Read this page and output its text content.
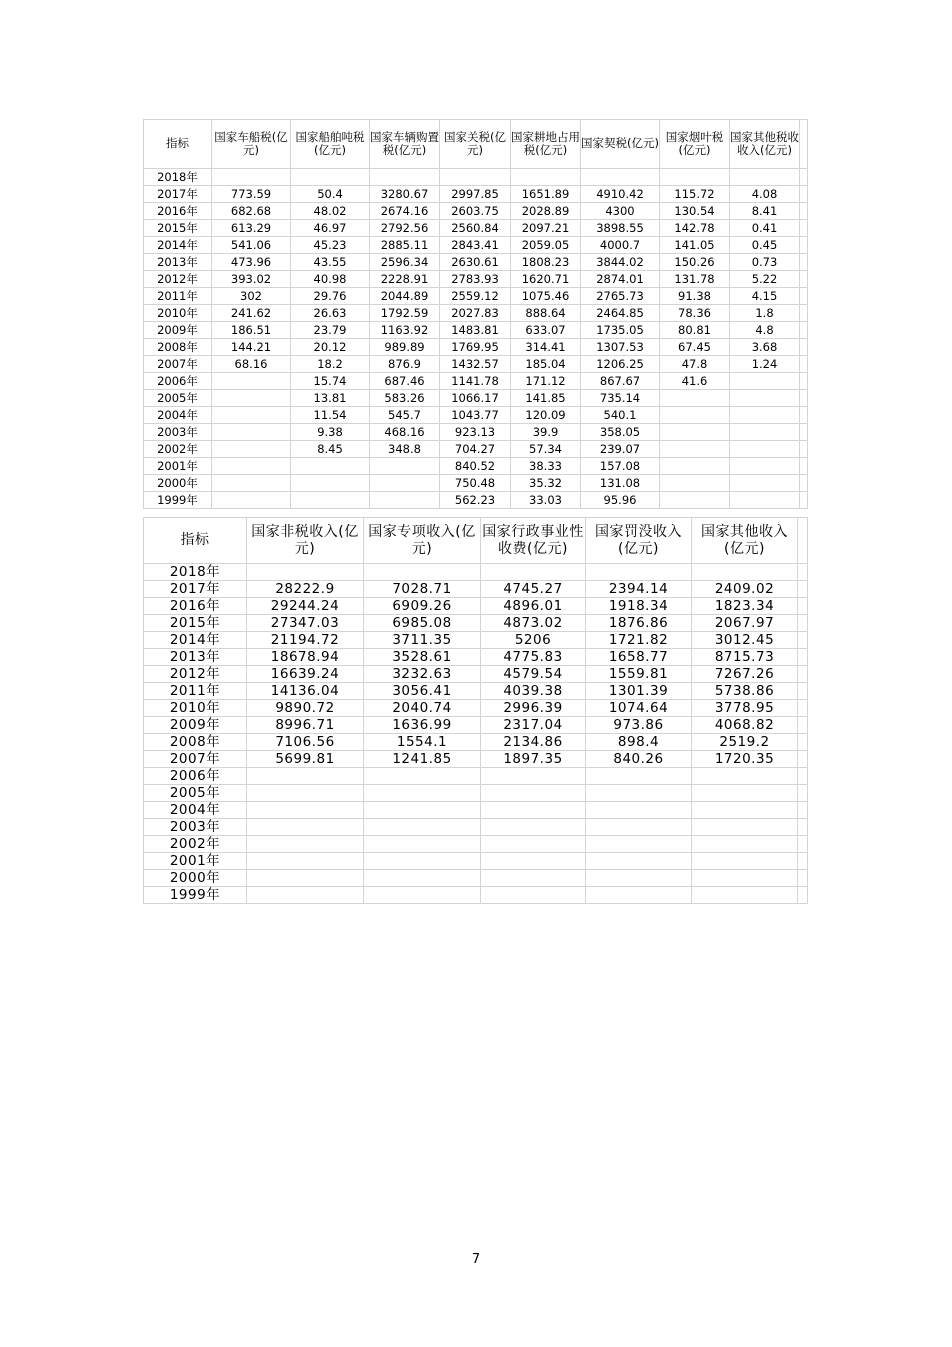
指标	国家车船税(亿元)	国家船舶吨税(亿元)	国家车辆购置税(亿元)	国家关税(亿元)	国家耕地占用税(亿元)	国家契税(亿元)	国家烟叶税(亿元)	国家其他税收收入(亿元)	
2018年									
2017年	773.59	50.4	3280.67	2997.85	1651.89	4910.42	115.72	4.08	
2016年	682.68	48.02	2674.16	2603.75	2028.89	4300	130.54	8.41	
2015年	613.29	46.97	2792.56	2560.84	2097.21	3898.55	142.78	0.41	
2014年	541.06	45.23	2885.11	2843.41	2059.05	4000.7	141.05	0.45	
2013年	473.96	43.55	2596.34	2630.61	1808.23	3844.02	150.26	0.73	
2012年	393.02	40.98	2228.91	2783.93	1620.71	2874.01	131.78	5.22	
2011年	302	29.76	2044.89	2559.12	1075.46	2765.73	91.38	4.15	
2010年	241.62	26.63	1792.59	2027.83	888.64	2464.85	78.36	1.8	
2009年	186.51	23.79	1163.92	1483.81	633.07	1735.05	80.81	4.8	
2008年	144.21	20.12	989.89	1769.95	314.41	1307.53	67.45	3.68	
2007年	68.16	18.2	876.9	1432.57	185.04	1206.25	47.8	1.24	
2006年		15.74	687.46	1141.78	171.12	867.67	41.6		
2005年		13.81	583.26	1066.17	141.85	735.14			
2004年		11.54	545.7	1043.77	120.09	540.1			
2003年		9.38	468.16	923.13	39.9	358.05			
2002年		8.45	348.8	704.27	57.34	239.07			
2001年				840.52	38.33	157.08			
2000年				750.48	35.32	131.08			
1999年				562.23	33.03	95.96			
指标	国家非税收入(亿元)	国家专项收入(亿元)	国家行政事业性收费(亿元)	国家罚没收入(亿元)	国家其他收入(亿元)	
2018年						
2017年	28222.9	7028.71	4745.27	2394.14	2409.02	
2016年	29244.24	6909.26	4896.01	1918.34	1823.34	
2015年	27347.03	6985.08	4873.02	1876.86	2067.97	
2014年	21194.72	3711.35	5206	1721.82	3012.45	
2013年	18678.94	3528.61	4775.83	1658.77	8715.73	
2012年	16639.24	3232.63	4579.54	1559.81	7267.26	
2011年	14136.04	3056.41	4039.38	1301.39	5738.86	
2010年	9890.72	2040.74	2996.39	1074.64	3778.95	
2009年	8996.71	1636.99	2317.04	973.86	4068.82	
2008年	7106.56	1554.1	2134.86	898.4	2519.2	
2007年	5699.81	1241.85	1897.35	840.26	1720.35	
2006年						
2005年						
2004年						
2003年						
2002年						
2001年						
2000年						
1999年						
7
